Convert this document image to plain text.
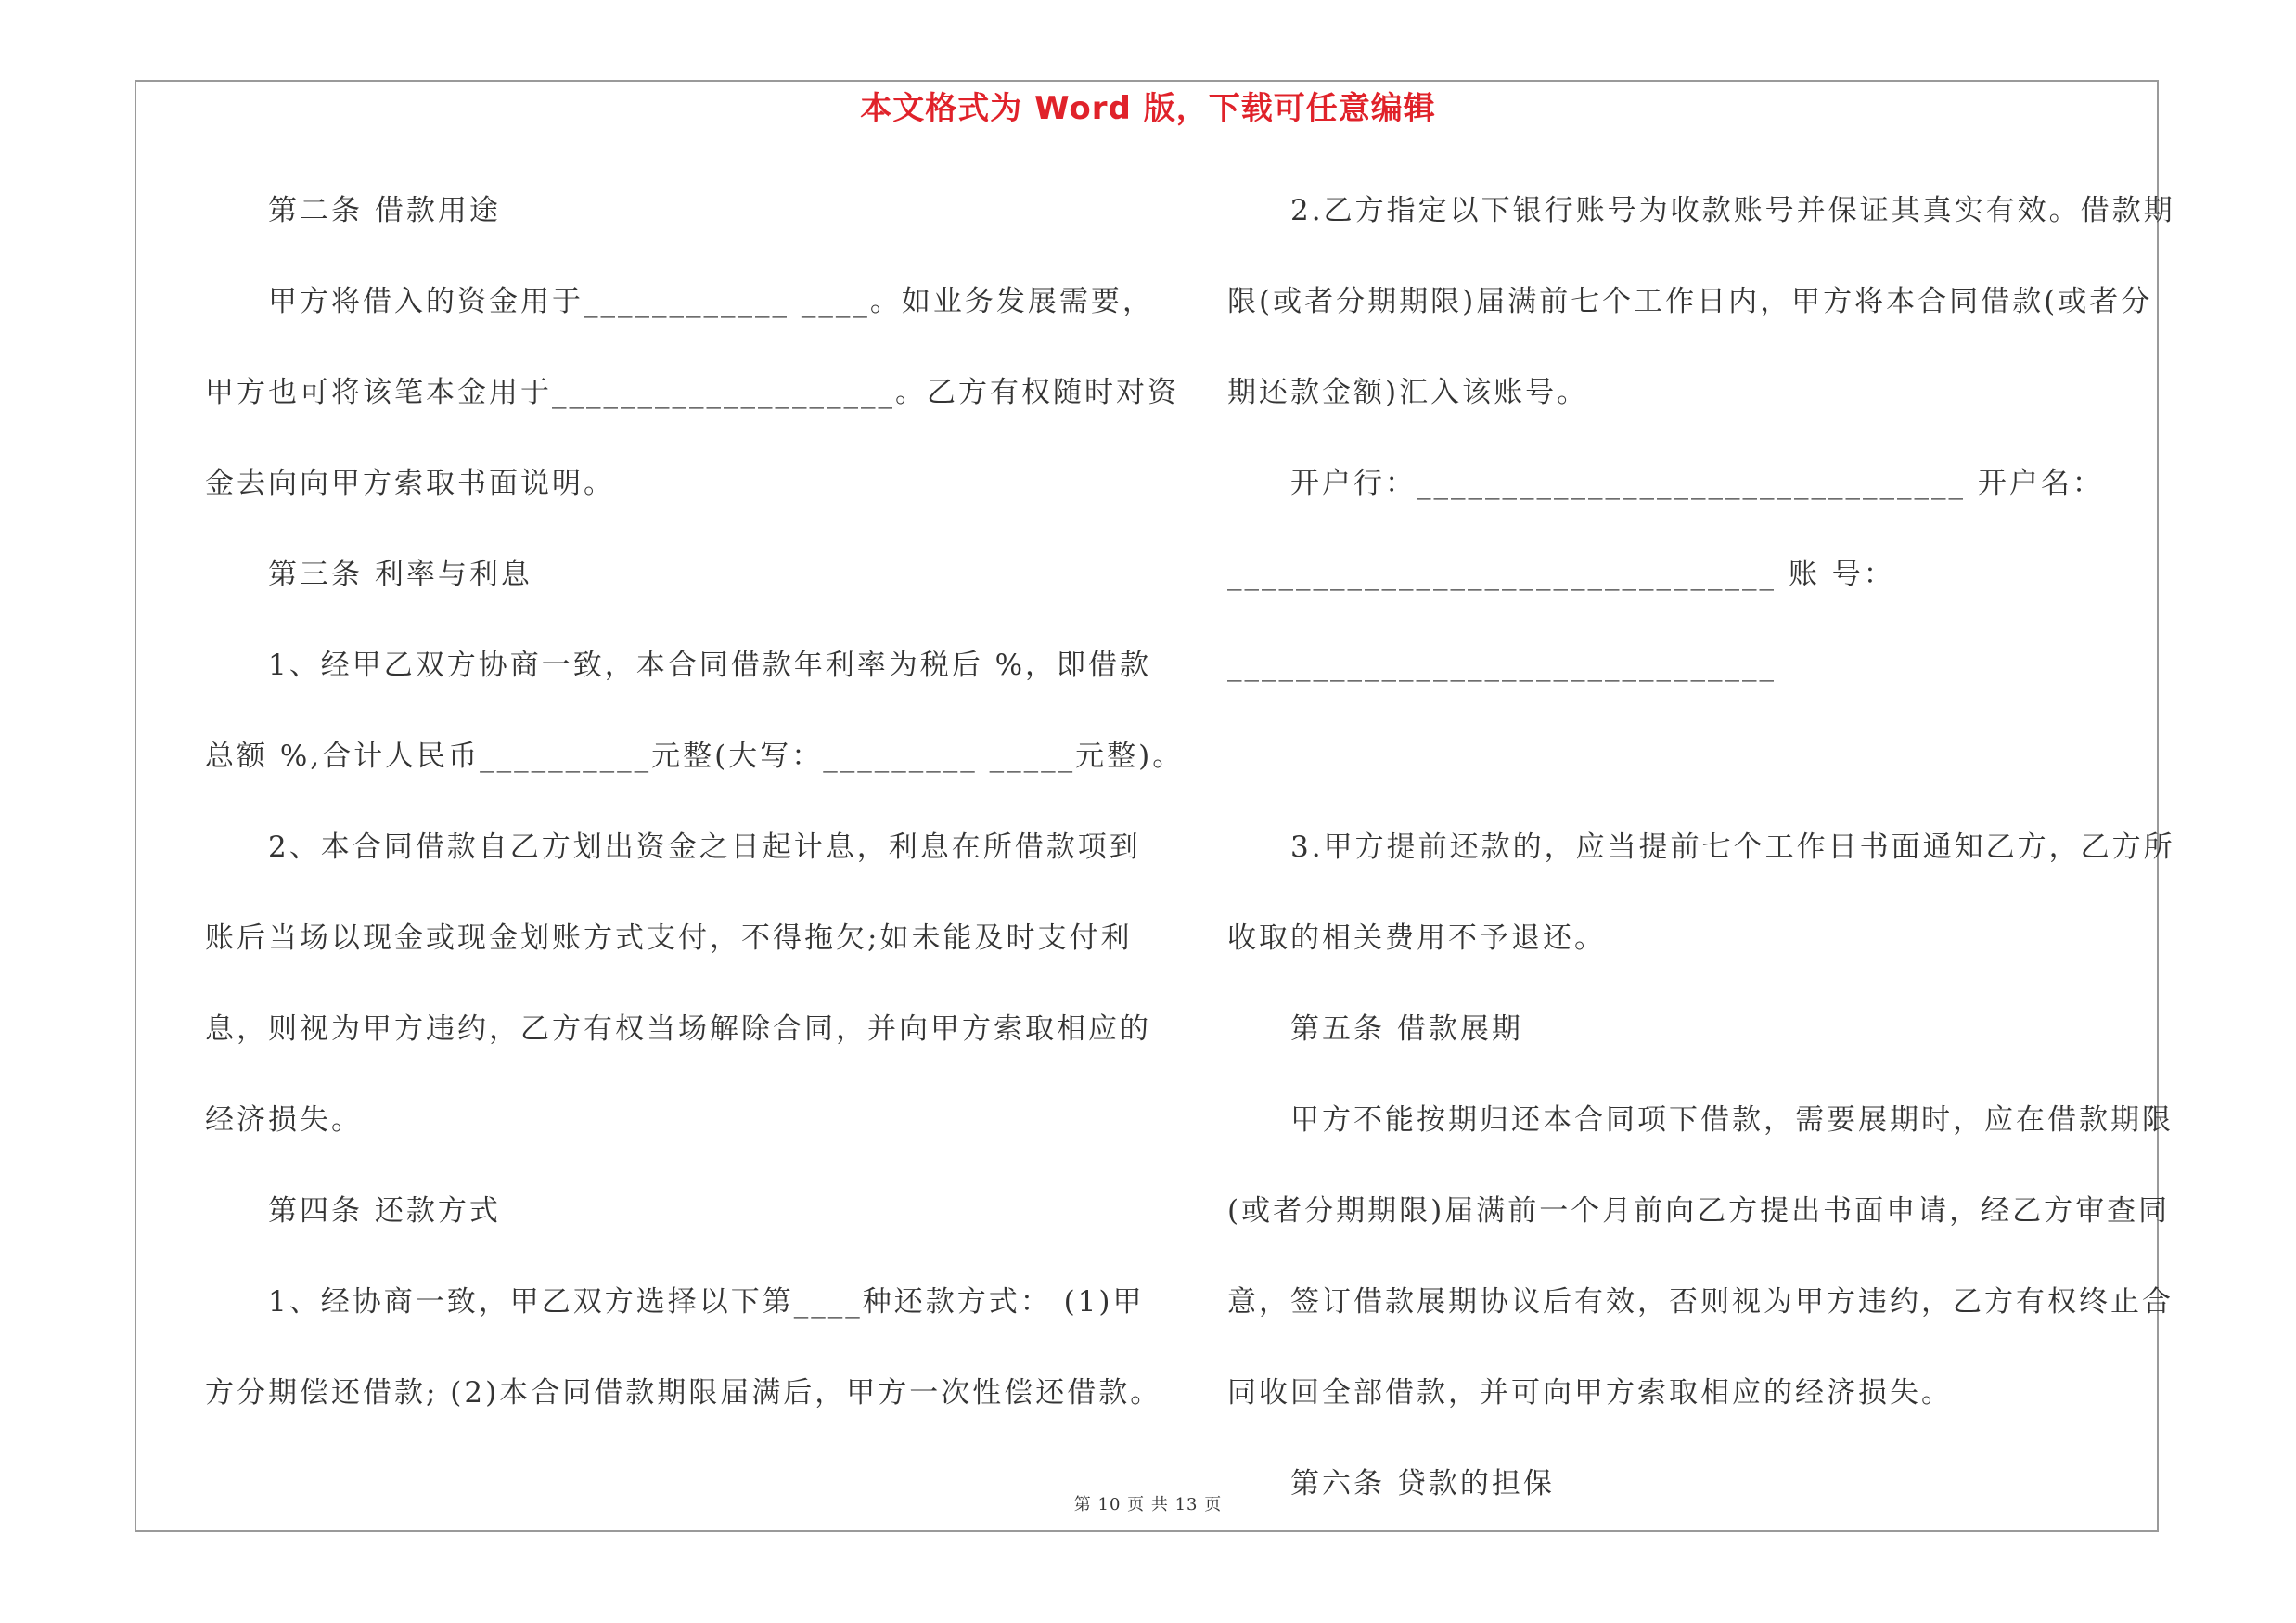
本文格式为 Word 版，下载可任意编辑
第二条 借款用途
甲方将借入的资金用于____________ ____。如业务发展需要，
甲方也可将该笔本金用于____________________。乙方有权随时对资
金去向向甲方索取书面说明。
第三条 利率与利息
1、经甲乙双方协商一致，本合同借款年利率为税后 %，即借款
总额 %,合计人民币__________元整(大写：_________ _____元整)。
2、本合同借款自乙方划出资金之日起计息，利息在所借款项到
账后当场以现金或现金划账方式支付，不得拖欠;如未能及时支付利
息，则视为甲方违约，乙方有权当场解除合同，并向甲方索取相应的
经济损失。
第四条 还款方式
1、经协商一致，甲乙双方选择以下第____种还款方式： (1)甲
方分期偿还借款; (2)本合同借款期限届满后，甲方一次性偿还借款。
2.乙方指定以下银行账号为收款账号并保证其真实有效。借款期
限(或者分期期限)届满前七个工作日内，甲方将本合同借款(或者分
期还款金额)汇入该账号。
开户行：________________________________ 开户名：
________________________________ 账 号：
________________________________
3.甲方提前还款的，应当提前七个工作日书面通知乙方，乙方所
收取的相关费用不予退还。
第五条 借款展期
甲方不能按期归还本合同项下借款，需要展期时，应在借款期限
(或者分期期限)届满前一个月前向乙方提出书面申请，经乙方审查同
意，签订借款展期协议后有效，否则视为甲方违约，乙方有权终止合
同收回全部借款，并可向甲方索取相应的经济损失。
第六条 贷款的担保
第 10 页 共 13 页
